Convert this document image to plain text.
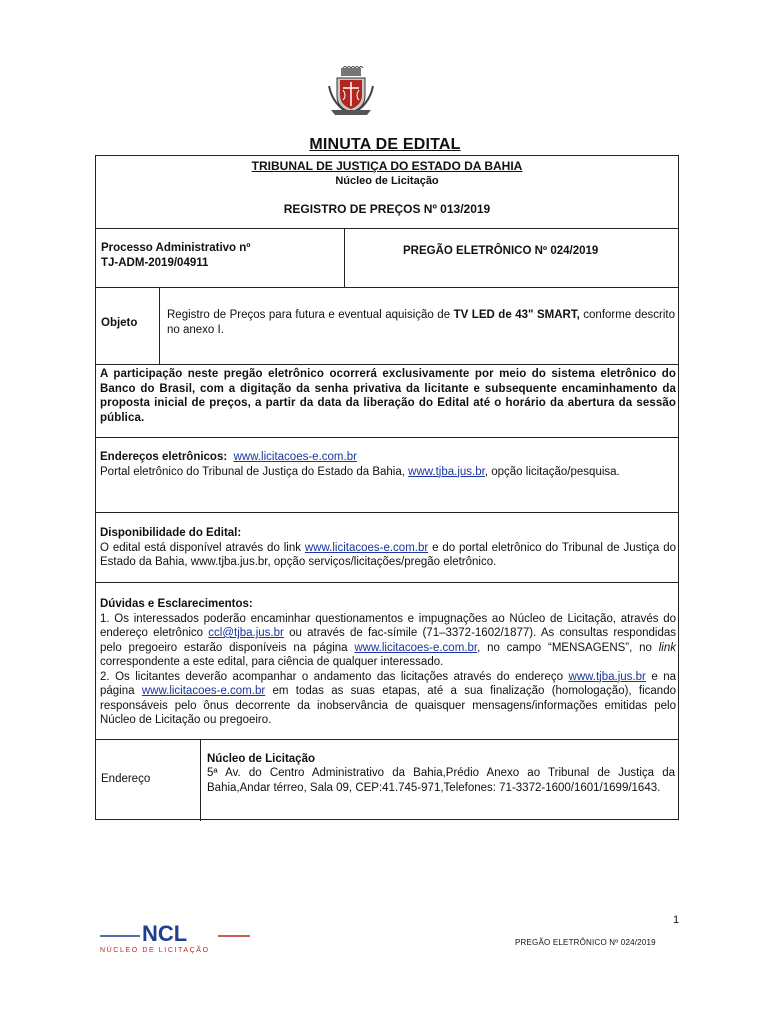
MINUTA DE EDITAL
TRIBUNAL DE JUSTIÇA DO ESTADO DA BAHIA
Núcleo de Licitação
REGISTRO DE PREÇOS Nº 013/2019
Processo Administrativo nº
TJ-ADM-2019/04911
PREGÃO ELETRÔNICO Nº 024/2019
Objeto
Registro de Preços para futura e eventual aquisição de TV LED de 43" SMART, conforme descrito no anexo I.
A participação neste pregão eletrônico ocorrerá exclusivamente por meio do sistema eletrônico do Banco do Brasil, com a digitação da senha privativa da licitante e subsequente encaminhamento da proposta inicial de preços, a partir da data da liberação do Edital até o horário da abertura da sessão pública.
Endereços eletrônicos: www.licitacoes-e.com.br
Portal eletrônico do Tribunal de Justiça do Estado da Bahia, www.tjba.jus.br, opção licitação/pesquisa.
Disponibilidade do Edital:
O edital está disponível através do link www.licitacoes-e.com.br e do portal eletrônico do Tribunal de Justiça do Estado da Bahia, www.tjba.jus.br, opção serviços/licitações/pregão eletrônico.
Dúvidas e Esclarecimentos:
1. Os interessados poderão encaminhar questionamentos e impugnações ao Núcleo de Licitação, através do endereço eletrônico ccl@tjba.jus.br ou através de fac-símile (71–3372-1602/1877). As consultas respondidas pelo pregoeiro estarão disponíveis na página www.licitacoes-e.com.br, no campo “MENSAGENS”, no link correspondente a este edital, para ciência de qualquer interessado.
2. Os licitantes deverão acompanhar o andamento das licitações através do endereço www.tjba.jus.br e na página www.licitacoes-e.com.br em todas as suas etapas, até a sua finalização (homologação), ficando responsáveis pelo ônus decorrente da inobservância de quaisquer mensagens/informações emitidas pelo Núcleo de Licitação ou pregoeiro.
Endereço
Núcleo de Licitação
5ª Av. do Centro Administrativo da Bahia,Prédio Anexo ao Tribunal de Justiça da Bahia,Andar térreo, Sala 09, CEP:41.745-971,Telefones: 71-3372-1600/1601/1699/1643.
1
NCL
NÚCLEO DE LICITAÇÃO
PREGÃO ELETRÔNICO Nº 024/2019
